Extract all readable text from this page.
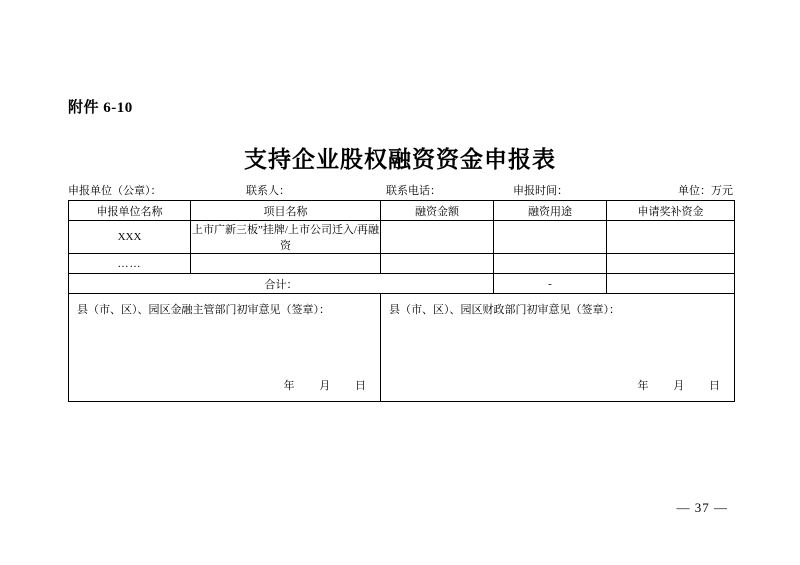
附件 6-10
支持企业股权融资资金申报表
申报单位（公章）：	联系人：	联系电话：	申报时间：	单位：万元
申报单位名称	项目名称	融资金额	融资用途	申请奖补资金
XXX	上市广新三板”挂牌/上市公司迁入/再融资			
……				
合计：			-	

县（市、区）、园区金融主管部门初审意见（签章）：
年 月 日		县（市、区）、园区财政部门初审意见（签章）：
年 月 日		
— 37 —
